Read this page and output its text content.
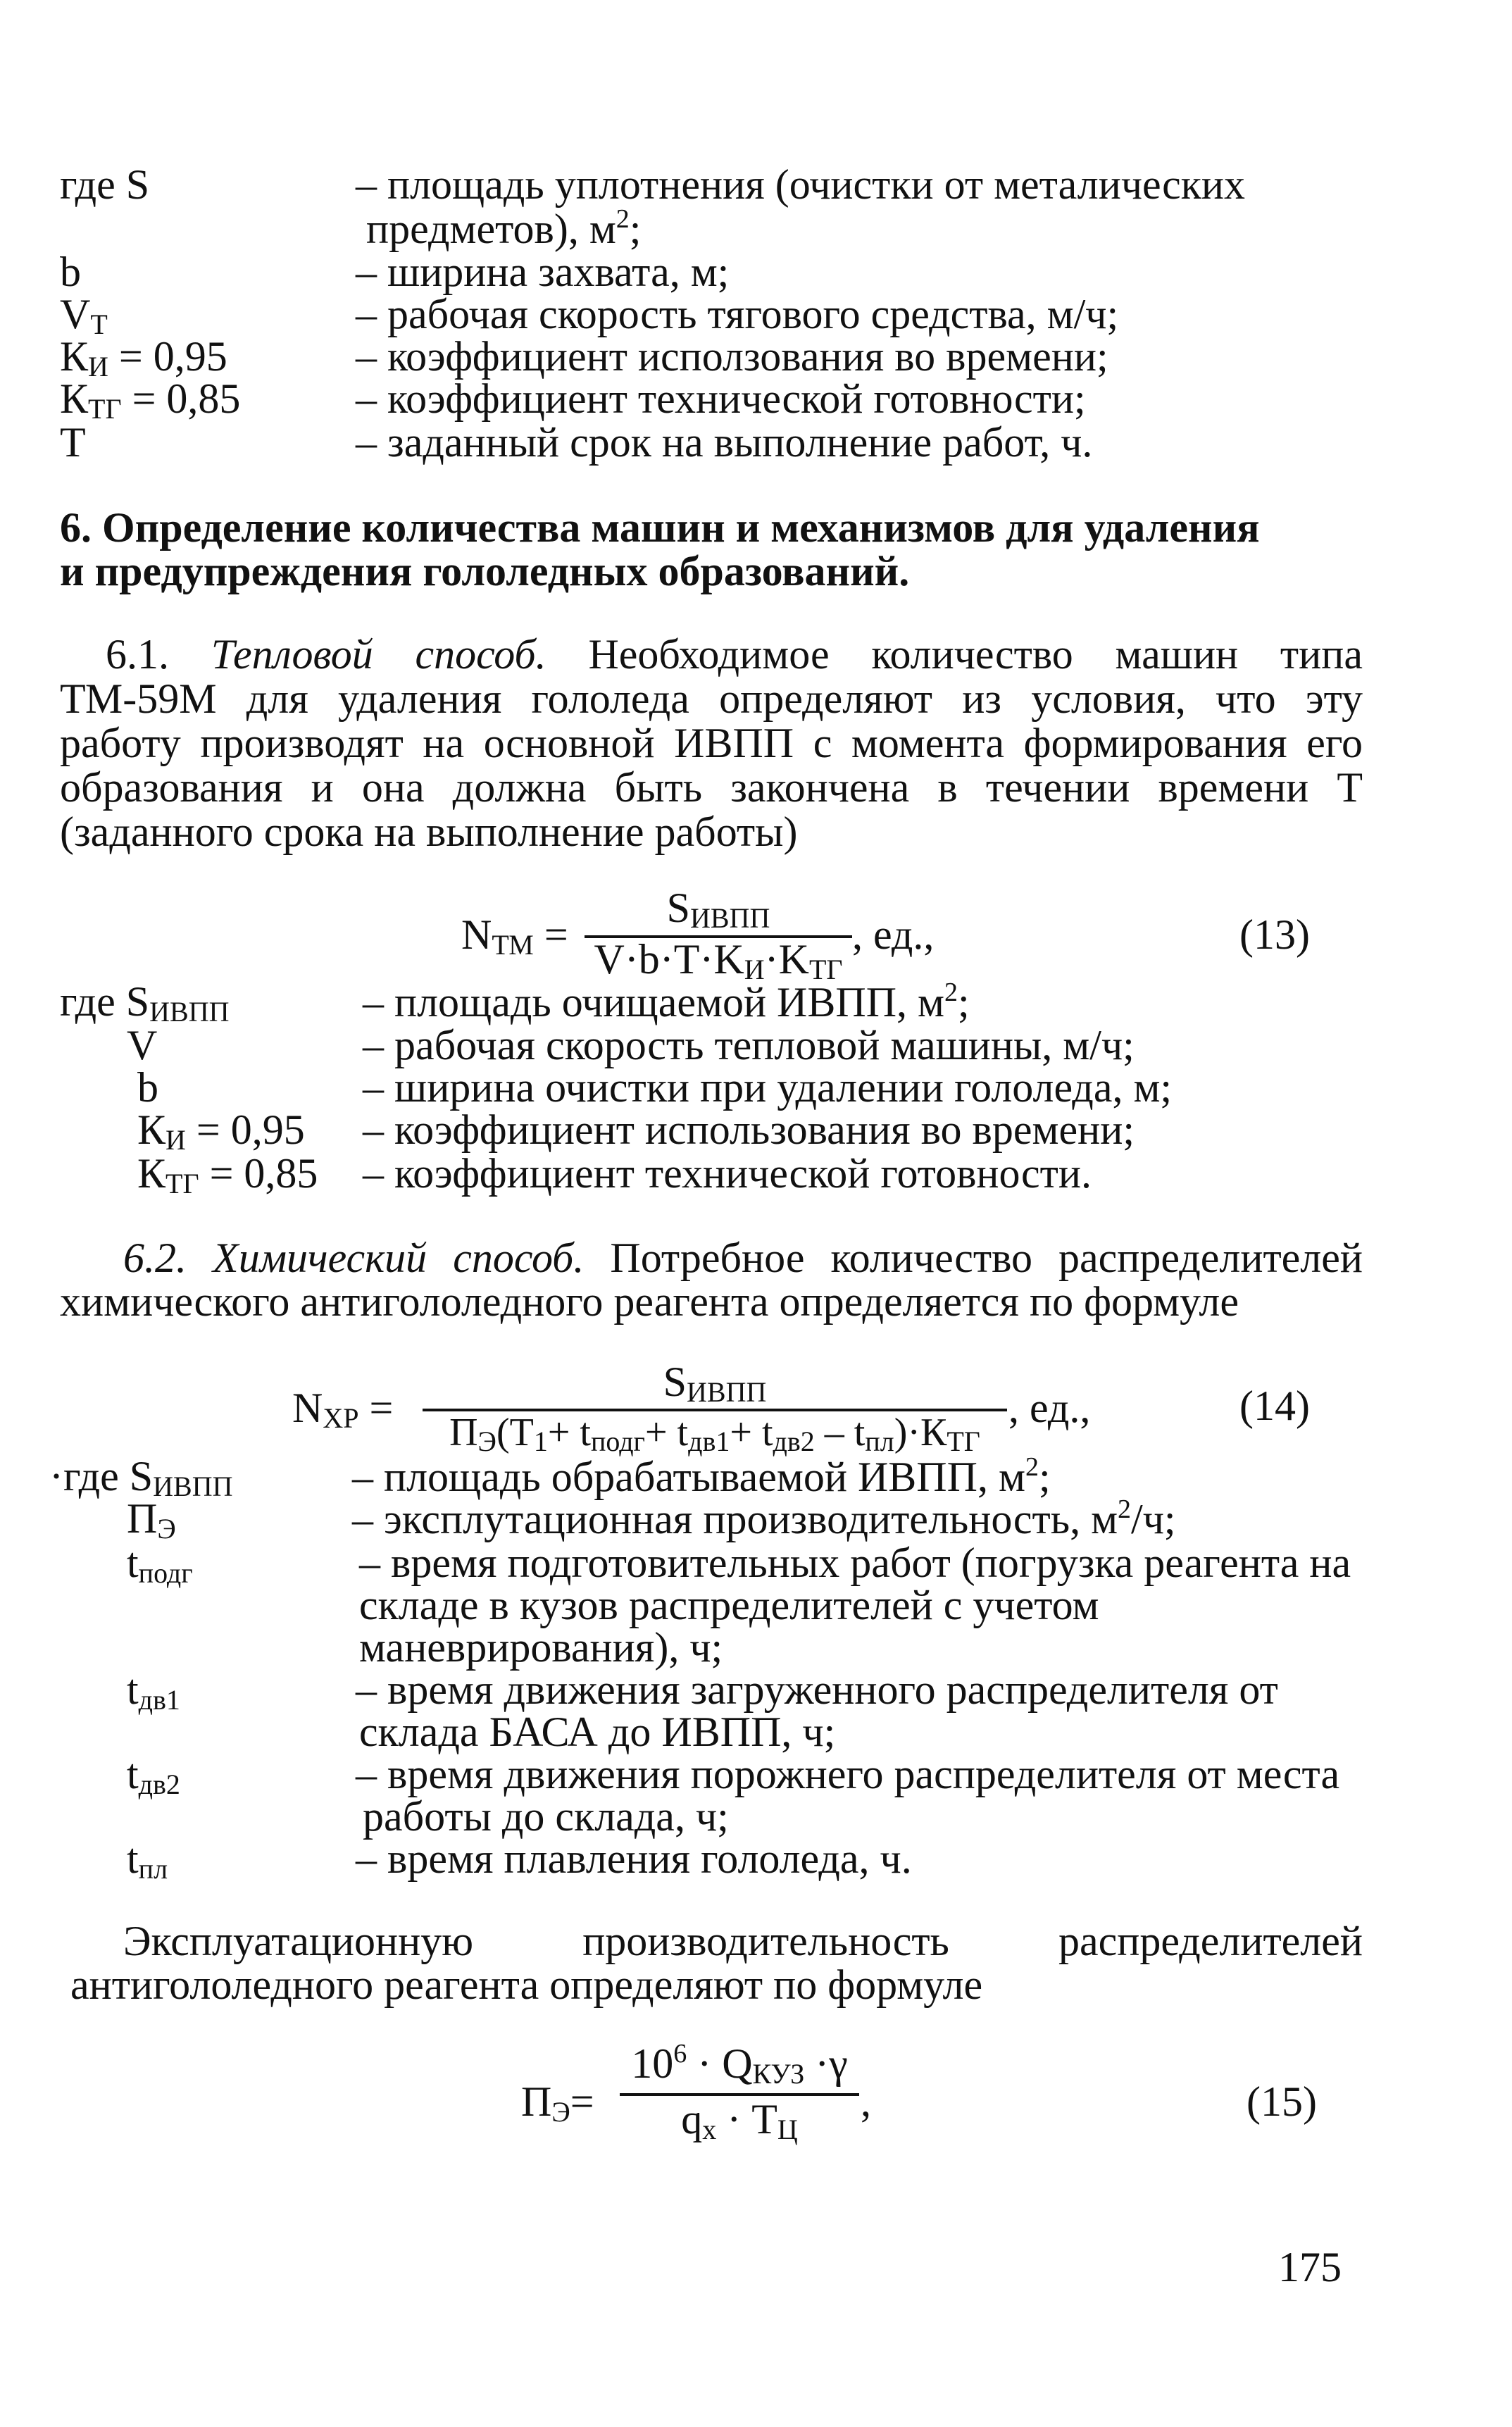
где S	– площадь уплотнения (очистки от металических
предметов), $м^2$;
b	– ширина захвата, м;
$V_Т$	– рабочая скорость тягового средства, м/ч;
$К_И = 0,95$	– коэффициент исползования во времени;
$К_{ТГ} = 0,85$	– коэффициент технической готовности;
Т	– заданный срок на выполнение работ, ч.
6. Определение количества машин и механизмов для удаления
и предупреждения гололедных образований.
6.1. Тепловой способ. Необходимое количество машин типа
ТМ-59М для удаления гололеда определяют из условия, что эту
работу производят на основной ИВПП с момента формирования его
образования и она должна быть закончена в течении времени Т
(заданного срока на выполнение работы)
$N_{ТМ}$ =
$S_{ИВПП}$
$V\cdot b\cdot T\cdot K_И\cdot K_{ТГ}$
, ед.,	(13)
где $S_{ИВПП}$	– площадь очищаемой ИВПП, $м^2$;
V	– рабочая скорость тепловой машины, м/ч;
b	– ширина очистки при удалении гололеда, м;
$К_И = 0,95$ – коэффициент использования во времени;
$К_{ТГ} = 0,85$ – коэффициент технической готовности.
6.2. Химический способ. Потребное количество распределителей
химического антигололедного реагента определяется по формуле
$N_{ХР}$ =
$S_{ИВПП}$
$П_Э(T_1+ t_{подг}+ t_{дв1}+ t_{дв2} - t_{пл})\cdot К_{ТГ}$
, ед.,	(14)
·где $S_{ИВПП}$	– площадь обрабатываемой ИВПП, $м^2$;
$П_Э$	– эксплутационная производительность, $м^2/ч$;
$t_{подг}$	– время подготовительных работ (погрузка реагента на
складе в кузов распределителей с учетом
маневрирования), ч;
$t_{дв1}$	– время движения загруженного распределителя от
склада БАСА до ИВПП, ч;
$t_{дв2}$	– время движения порожнего распределителя от места
работы до склада, ч;
$t_{пл}$	– время плавления гололеда, ч.
Эксплуатационную производительность распределителей
антигололедного реагента определяют по формуле
$П_Э=$
$10^6 \cdot Q_{КУЗ} \cdot\gamma$
$q_х \cdot Т_Ц$
,	(15)
175
